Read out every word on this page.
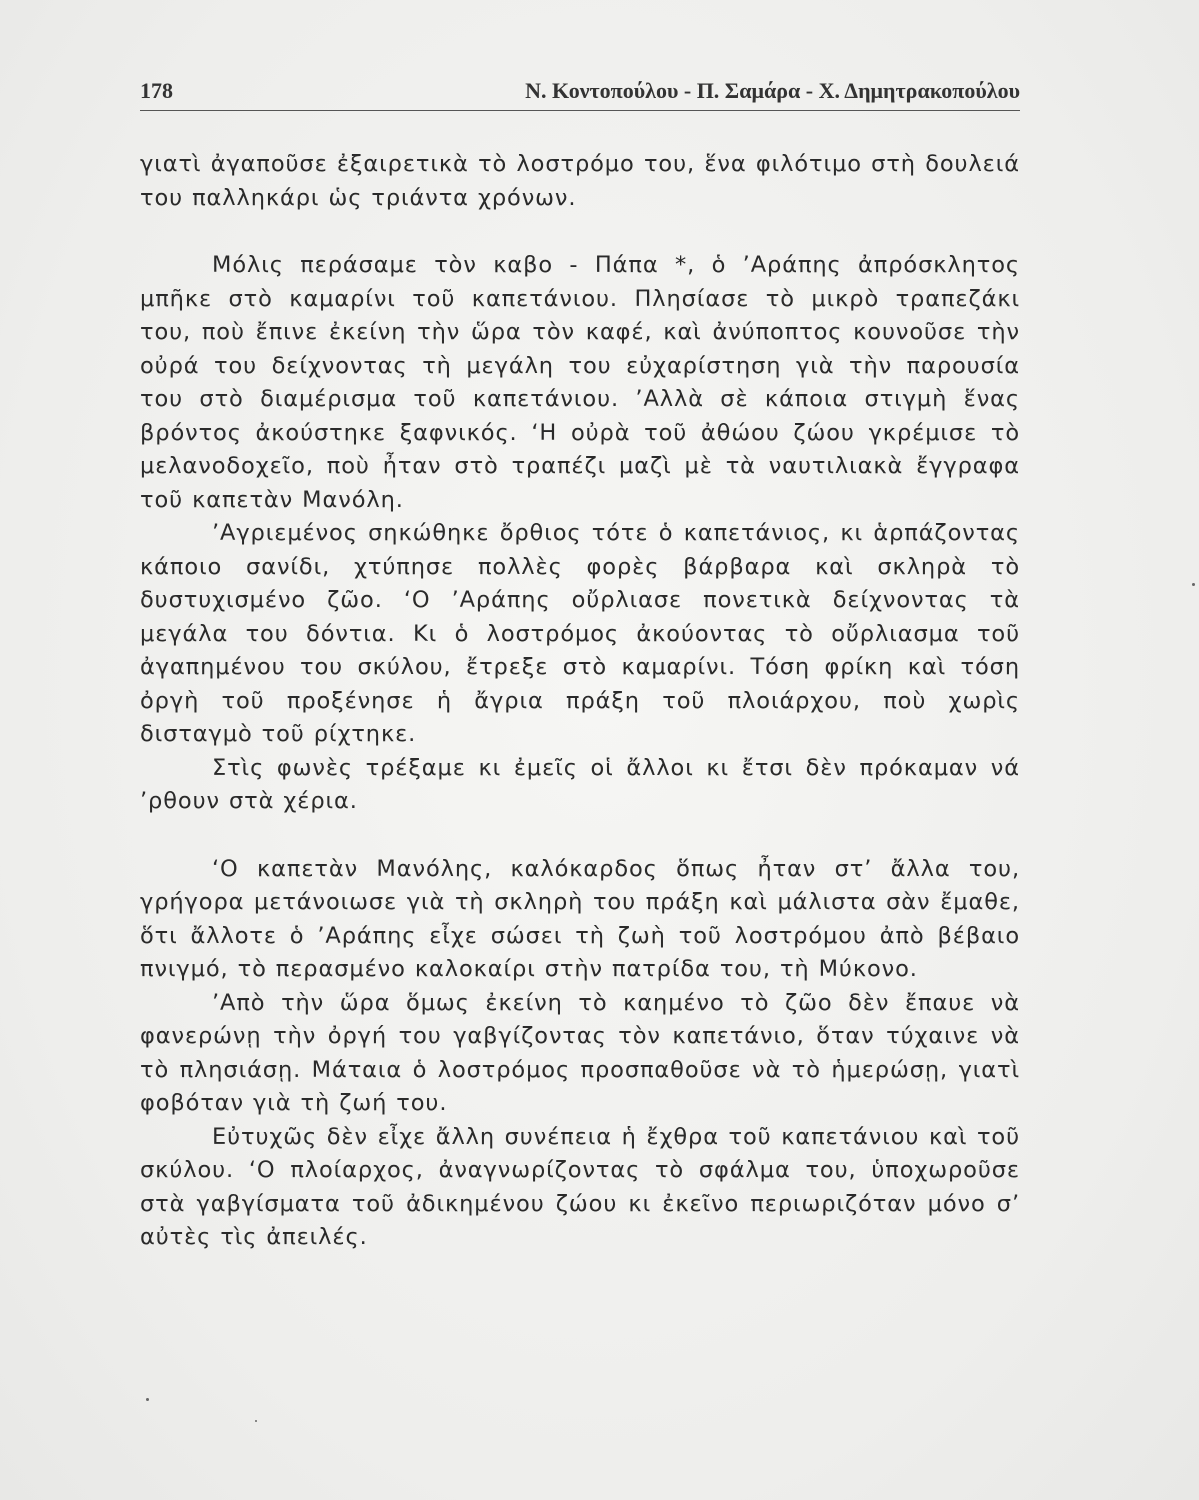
178	Ν. Κοντοπούλου - Π. Σαμάρα - Χ. Δημητρακοπούλου

γιατὶ ἀγαποῦσε ἐξαιρετικὰ τὸ λοστρόμο του, ἕνα φιλότιμο στὴ δουλειά του παλληκάρι ὡς τριάντα χρόνων.

Μόλις περάσαμε τὸν καβο - Πάπα *, ὁ ’Αράπης ἀπρόσκλητος μπῆκε στὸ καμαρίνι τοῦ καπετάνιου. Πλησίασε τὸ μικρὸ τραπεζάκι του, ποὺ ἔπινε ἐκείνη τὴν ὥρα τὸν καφέ, καὶ ἀνύποπτος κουνοῦσε τὴν οὐρά του δείχνοντας τὴ μεγάλη του εὐχαρίστηση γιὰ τὴν παρουσία του στὸ διαμέρισμα τοῦ καπετάνιου. ’Αλλὰ σὲ κάποια στιγμὴ ἕνας βρόντος ἀκούστηκε ξαφνικός. ‘Η οὐρὰ τοῦ ἀθώου ζώου γκρέμισε τὸ μελανοδοχεῖο, ποὺ ἦταν στὸ τραπέζι μαζὶ μὲ τὰ ναυτιλιακὰ ἔγγραφα τοῦ καπετὰν Μανόλη.

’Αγριεμένος σηκώθηκε ὄρθιος τότε ὁ καπετάνιος, κι ἁρπάζοντας κάποιο σανίδι, χτύπησε πολλὲς φορὲς βάρβαρα καὶ σκληρὰ τὸ δυστυχισμένο ζῶο. ‘Ο ’Αράπης οὔρλιασε πονετικὰ δείχνοντας τὰ μεγάλα του δόντια. Κι ὁ λοστρόμος ἀκούοντας τὸ οὔρλιασμα τοῦ ἀγαπημένου του σκύλου, ἔτρεξε στὸ καμαρίνι. Τόση φρίκη καὶ τόση ὀργὴ τοῦ προξένησε ἡ ἄγρια πράξη τοῦ πλοιάρχου, ποὺ χωρὶς δισταγμὸ τοῦ ρίχτηκε.

Στὶς φωνὲς τρέξαμε κι ἐμεῖς οἱ ἄλλοι κι ἔτσι δὲν πρόκαμαν νά ’ρθουν στὰ χέρια.

‘Ο καπετὰν Μανόλης, καλόκαρδος ὅπως ἦταν στ’ ἄλλα του, γρήγορα μετάνοιωσε γιὰ τὴ σκληρὴ του πράξη καὶ μάλιστα σὰν ἔμαθε, ὅτι ἄλλοτε ὁ ’Αράπης εἶχε σώσει τὴ ζωὴ τοῦ λοστρόμου ἀπὸ βέβαιο πνιγμό, τὸ περασμένο καλοκαίρι στὴν πατρίδα του, τὴ Μύκονο.

’Απὸ τὴν ὥρα ὅμως ἐκείνη τὸ καημένο τὸ ζῶο δὲν ἔπαυε νὰ φανερώνῃ τὴν ὀργή του γαβγίζοντας τὸν καπετάνιο, ὅταν τύχαινε νὰ τὸ πλησιάσῃ. Μάταια ὁ λοστρόμος προσπαθοῦσε νὰ τὸ ἡμερώσῃ, γιατὶ φοβόταν γιὰ τὴ ζωή του.

Εὐτυχῶς δὲν εἶχε ἄλλη συνέπεια ἡ ἔχθρα τοῦ καπετάνιου καὶ τοῦ σκύλου. ‘Ο πλοίαρχος, ἀναγνωρίζοντας τὸ σφάλμα του, ὑποχωροῦσε στὰ γαβγίσματα τοῦ ἀδικημένου ζώου κι ἐκεῖνο περιωριζόταν μόνο σ’ αὐτὲς τὶς ἀπειλές.
